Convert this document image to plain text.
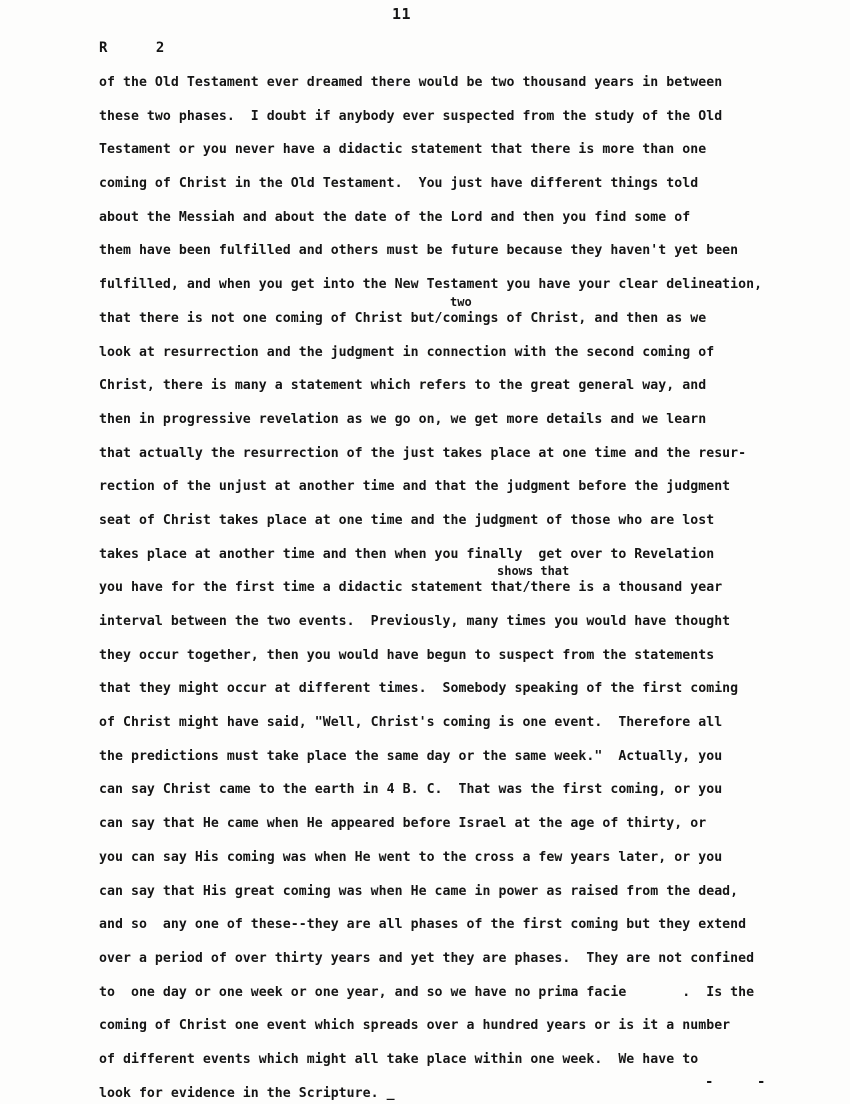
11
R 2
of the Old Testament ever dreamed there would be two thousand years in between
these two phases.  I doubt if anybody ever suspected from the study of the Old
Testament or you never have a didactic statement that there is more than one
coming of Christ in the Old Testament.  You just have different things told
about the Messiah and about the date of the Lord and then you find some of
them have been fulfilled and others must be future because they haven't yet been
fulfilled, and when you get into the New Testament you have your clear delineation,
two
that there is not one coming of Christ but/comings of Christ, and then as we
look at resurrection and the judgment in connection with the second coming of
Christ, there is many a statement which refers to the great general way, and
then in progressive revelation as we go on, we get more details and we learn
that actually the resurrection of the just takes place at one time and the resur-
rection of the unjust at another time and that the judgment before the judgment
seat of Christ takes place at one time and the judgment of those who are lost
takes place at another time and then when you finally  get over to Revelation
shows that
you have for the first time a didactic statement that/there is a thousand year
interval between the two events.  Previously, many times you would have thought
they occur together, then you would have begun to suspect from the statements
that they might occur at different times.  Somebody speaking of the first coming
of Christ might have said, "Well, Christ's coming is one event.  Therefore all
the predictions must take place the same day or the same week."  Actually, you
can say Christ came to the earth in 4 B. C.  That was the first coming, or you
can say that He came when He appeared before Israel at the age of thirty, or
you can say His coming was when He went to the cross a few years later, or you
can say that His great coming was when He came in power as raised from the dead,
and so  any one of these--they are all phases of the first coming but they extend
over a period of over thirty years and yet they are phases.  They are not confined
to  one day or one week or one year, and so we have no prima facie       .  Is the
coming of Christ one event which spreads over a hundred years or is it a number
of different events which might all take place within one week.  We have to
look for evidence in the Scripture. _
-	-
